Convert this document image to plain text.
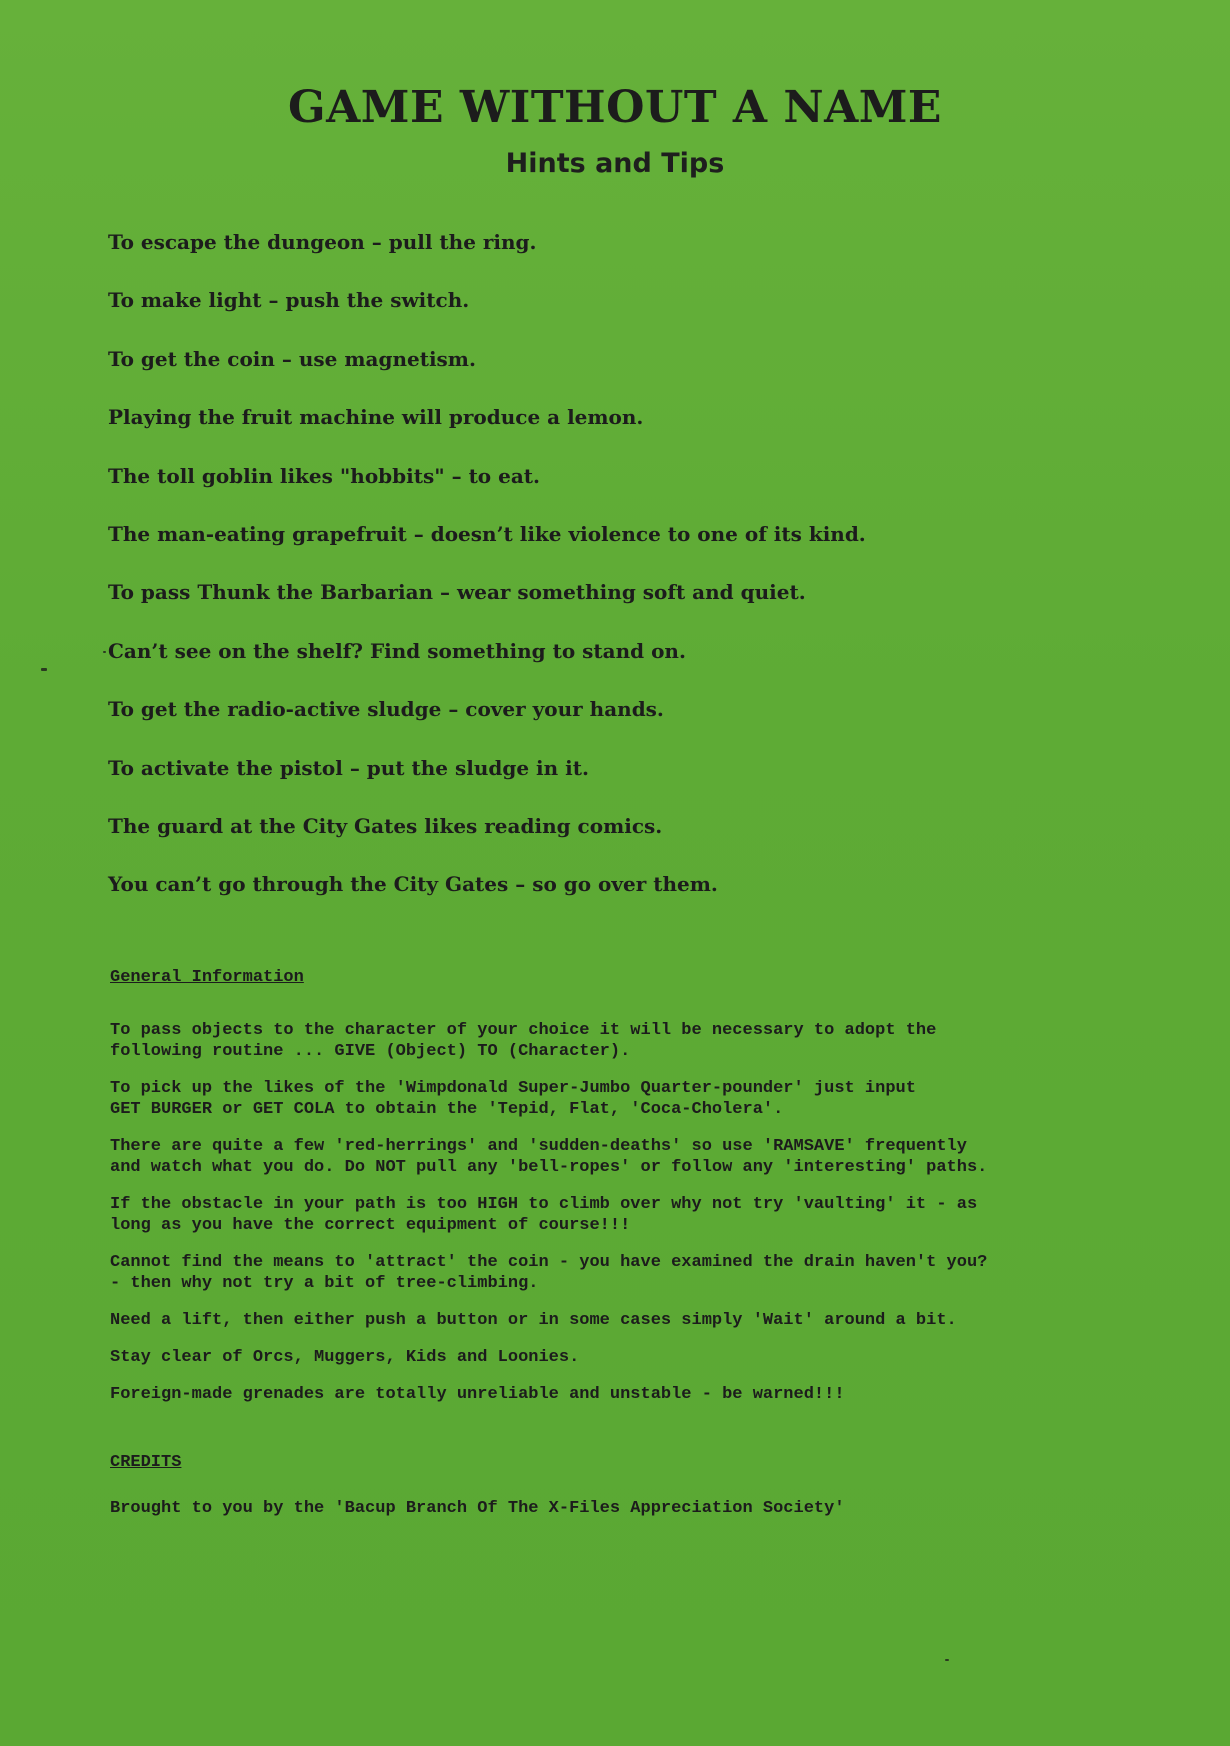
GAME WITHOUT A NAME
Hints and Tips
To escape the dungeon – pull the ring.
To make light – push the switch.
To get the coin – use magnetism.
Playing the fruit machine will produce a lemon.
The toll goblin likes "hobbits" – to eat.
The man-eating grapefruit – doesn’t like violence to one of its kind.
To pass Thunk the Barbarian – wear something soft and quiet.
Can’t see on the shelf? Find something to stand on.
To get the radio-active sludge – cover your hands.
To activate the pistol – put the sludge in it.
The guard at the City Gates likes reading comics.
You can’t go through the City Gates – so go over them.
General Information
To pass objects to the character of your choice it will be necessary to adopt the
following routine ... GIVE (Object) TO (Character).
To pick up the likes of the 'Wimpdonald Super-Jumbo Quarter-pounder' just input
GET BURGER or GET COLA to obtain the 'Tepid, Flat, 'Coca-Cholera'.
There are quite a few 'red-herrings' and 'sudden-deaths' so use 'RAMSAVE' frequently
and watch what you do. Do NOT pull any 'bell-ropes' or follow any 'interesting' paths.
If the obstacle in your path is too HIGH to climb over why not try 'vaulting' it - as
long as you have the correct equipment of course!!!
Cannot find the means to 'attract' the coin - you have examined the drain haven't you?
- then why not try a bit of tree-climbing.
Need a lift, then either push a button or in some cases simply 'Wait' around a bit.
Stay clear of Orcs, Muggers, Kids and Loonies.
Foreign-made grenades are totally unreliable and unstable - be warned!!!
CREDITS

Brought to you by the 'Bacup Branch Of The X-Files Appreciation Society'
